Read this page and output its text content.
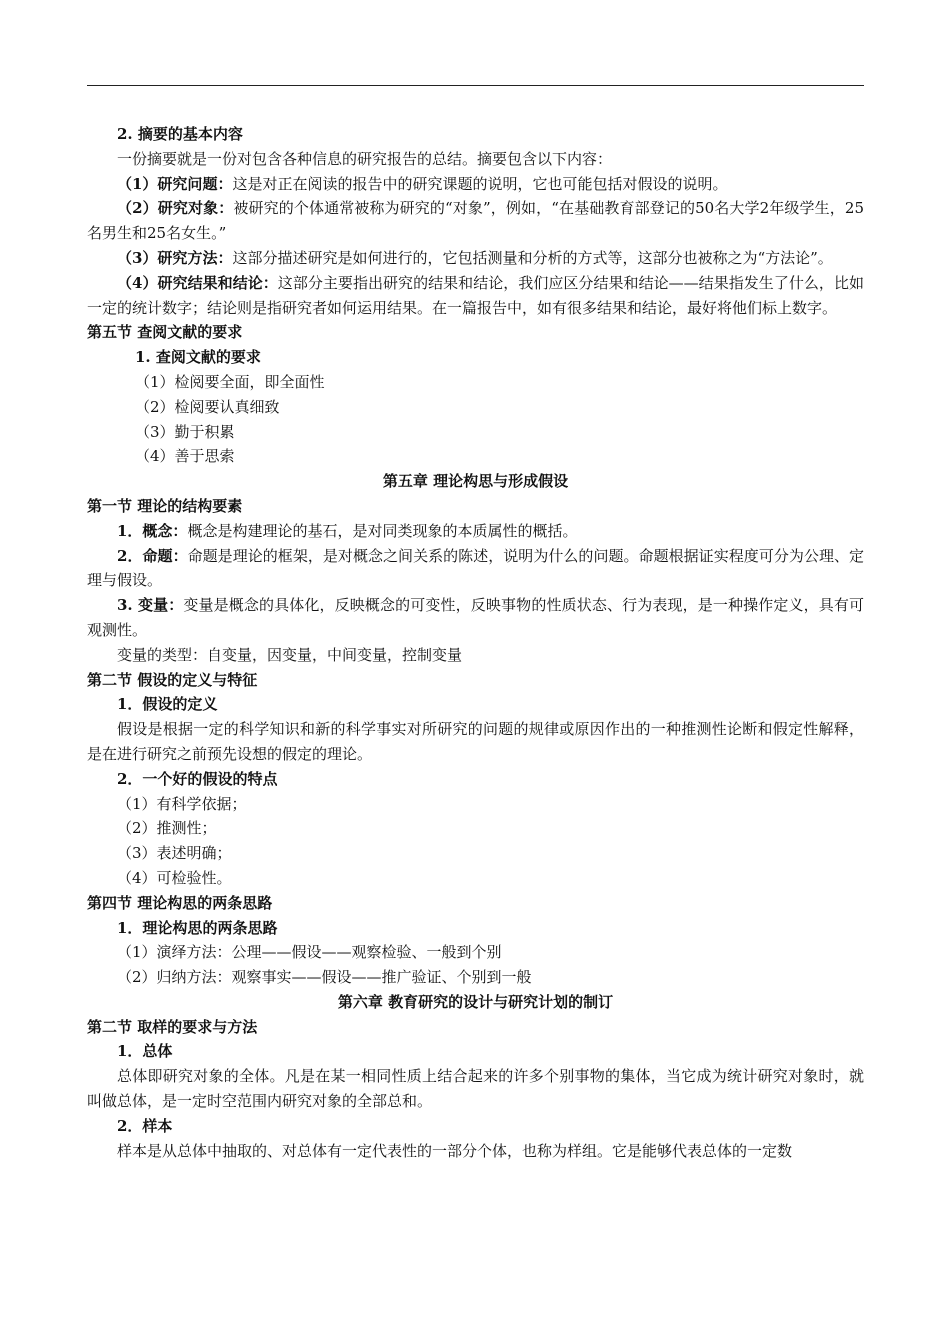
2. 摘要的基本内容

一份摘要就是一份对包含各种信息的研究报告的总结。摘要包含以下内容：

（1）研究问题：这是对正在阅读的报告中的研究课题的说明，它也可能包括对假设的说明。

（2）研究对象：被研究的个体通常被称为研究的“对象”，例如，“在基础教育部登记的50名大学2年级学生，25名男生和25名女生。”

（3）研究方法：这部分描述研究是如何进行的，它包括测量和分析的方式等，这部分也被称之为“方法论”。

（4）研究结果和结论：这部分主要指出研究的结果和结论，我们应区分结果和结论——结果指发生了什么，比如一定的统计数字；结论则是指研究者如何运用结果。在一篇报告中，如有很多结果和结论，最好将他们标上数字。

第五节 查阅文献的要求
1. 查阅文献的要求
（1）检阅要全面，即全面性
（2）检阅要认真细致
（3）勤于积累
（4）善于思索
第五章 理论构思与形成假设
第一节 理论的结构要素

1．概念：概念是构建理论的基石，是对同类现象的本质属性的概括。

2．命题：命题是理论的框架，是对概念之间关系的陈述，说明为什么的问题。命题根据证实程度可分为公理、定理与假设。

3. 变量：变量是概念的具体化，反映概念的可变性，反映事物的性质状态、行为表现，是一种操作定义，具有可观测性。

变量的类型：自变量，因变量，中间变量，控制变量

第二节 假设的定义与特征
1．假设的定义

假设是根据一定的科学知识和新的科学事实对所研究的问题的规律或原因作出的一种推测性论断和假定性解释，是在进行研究之前预先设想的假定的理论。

2．一个好的假设的特点
（1）有科学依据；
（2）推测性；
（3）表述明确；
（4）可检验性。
第四节 理论构思的两条思路
1．理论构思的两条思路
（1）演绎方法：公理——假设——观察检验、一般到个别
（2）归纳方法：观察事实——假设——推广验证、个别到一般
第六章 教育研究的设计与研究计划的制订
第二节 取样的要求与方法
1．总体

总体即研究对象的全体。凡是在某一相同性质上结合起来的许多个别事物的集体，当它成为统计研究对象时，就叫做总体，是一定时空范围内研究对象的全部总和。

2．样本

样本是从总体中抽取的、对总体有一定代表性的一部分个体，也称为样组。它是能够代表总体的一定数
